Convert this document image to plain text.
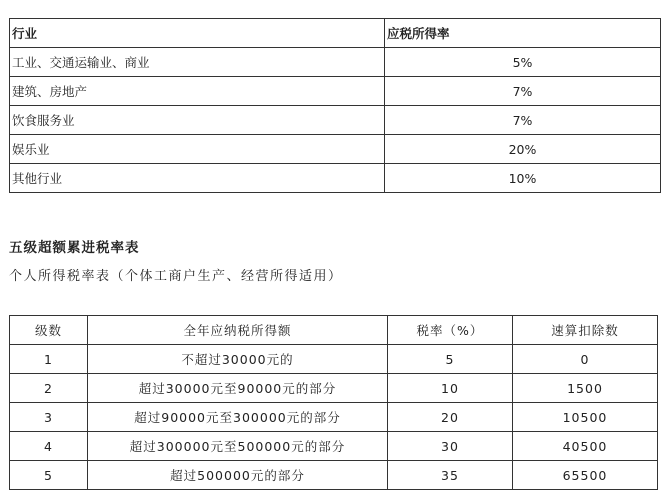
行业	应税所得率
工业、交通运输业、商业	5%
建筑、房地产	7%
饮食服务业	7%
娱乐业	20%
其他行业	10%

五级超额累进税率表

个人所得税率表（个体工商户生产、经营所得适用）

级数	全年应纳税所得额	税率（%）	速算扣除数
1	不超过30000元的	5	0
2	超过30000元至90000元的部分	10	1500
3	超过90000元至300000元的部分	20	10500
4	超过300000元至500000元的部分	30	40500
5	超过500000元的部分	35	65500
